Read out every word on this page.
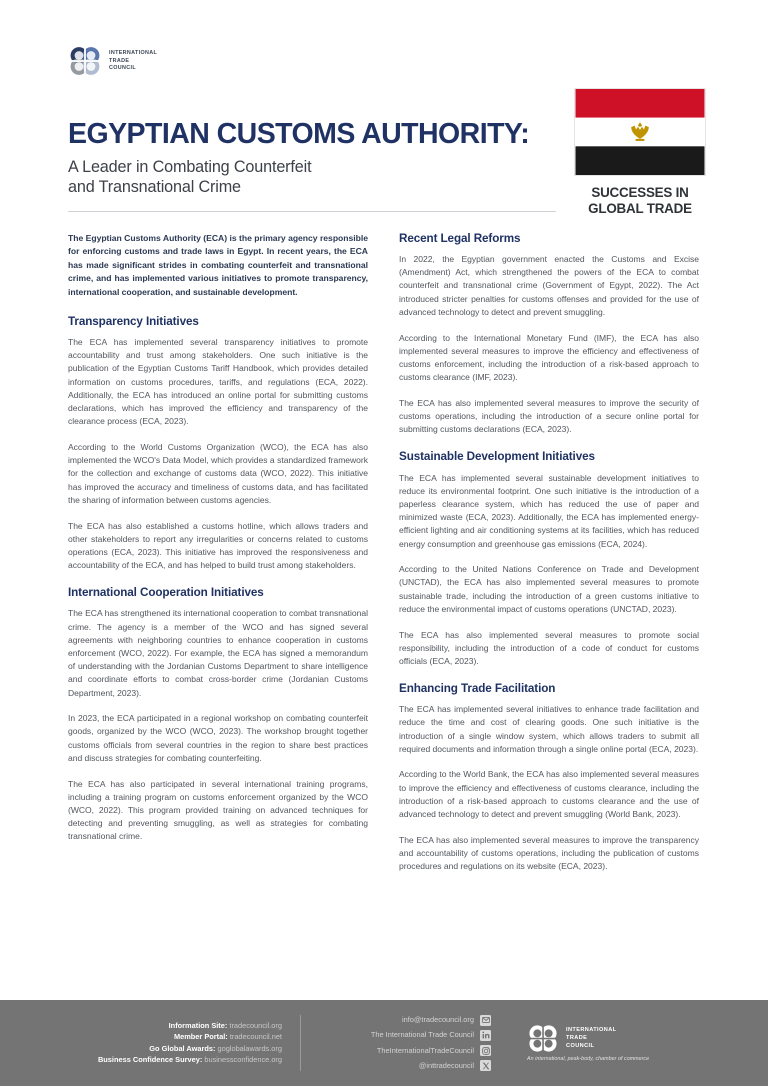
INTERNATIONAL
TRADE
COUNCIL
EGYPTIAN CUSTOMS AUTHORITY:
A Leader in Combating Counterfeit
and Transnational Crime	SUCCESSES IN
GLOBAL TRADE

The Egyptian Customs Authority (ECA) is the primary agency responsible for enforcing customs and trade laws in Egypt. In recent years, the ECA has made significant strides in combating counterfeit and transnational crime, and has implemented various initiatives to promote transparency, international cooperation, and sustainable development.

Transparency Initiatives

The ECA has implemented several transparency initiatives to promote accountability and trust among stakeholders. One such initiative is the publication of the Egyptian Customs Tariff Handbook, which provides detailed information on customs procedures, tariffs, and regulations (ECA, 2022). Additionally, the ECA has introduced an online portal for submitting customs declarations, which has improved the efficiency and transparency of the clearance process (ECA, 2023).

According to the World Customs Organization (WCO), the ECA has also implemented the WCO's Data Model, which provides a standardized framework for the collection and exchange of customs data (WCO, 2022). This initiative has improved the accuracy and timeliness of customs data, and has facilitated the sharing of information between customs agencies.

The ECA has also established a customs hotline, which allows traders and other stakeholders to report any irregularities or concerns related to customs operations (ECA, 2023). This initiative has improved the responsiveness and accountability of the ECA, and has helped to build trust among stakeholders.

International Cooperation Initiatives

The ECA has strengthened its international cooperation to combat transnational crime. The agency is a member of the WCO and has signed several agreements with neighboring countries to enhance cooperation in customs enforcement (WCO, 2022). For example, the ECA has signed a memorandum of understanding with the Jordanian Customs Department to share intelligence and coordinate efforts to combat cross-border crime (Jordanian Customs Department, 2023).

In 2023, the ECA participated in a regional workshop on combating counterfeit goods, organized by the WCO (WCO, 2023). The workshop brought together customs officials from several countries in the region to share best practices and discuss strategies for combating counterfeiting.

The ECA has also participated in several international training programs, including a training program on customs enforcement organized by the WCO (WCO, 2022). This program provided training on advanced techniques for detecting and preventing smuggling, as well as strategies for combating transnational crime.

Recent Legal Reforms

In 2022, the Egyptian government enacted the Customs and Excise (Amendment) Act, which strengthened the powers of the ECA to combat counterfeit and transnational crime (Government of Egypt, 2022). The Act introduced stricter penalties for customs offenses and provided for the use of advanced technology to detect and prevent smuggling.

According to the International Monetary Fund (IMF), the ECA has also implemented several measures to improve the efficiency and effectiveness of customs enforcement, including the introduction of a risk-based approach to customs clearance (IMF, 2023).

The ECA has also implemented several measures to improve the security of customs operations, including the introduction of a secure online portal for submitting customs declarations (ECA, 2023).

Sustainable Development Initiatives

The ECA has implemented several sustainable development initiatives to reduce its environmental footprint. One such initiative is the introduction of a paperless clearance system, which has reduced the use of paper and minimized waste (ECA, 2023). Additionally, the ECA has implemented energy-efficient lighting and air conditioning systems at its facilities, which has reduced energy consumption and greenhouse gas emissions (ECA, 2024).

According to the United Nations Conference on Trade and Development (UNCTAD), the ECA has also implemented several measures to promote sustainable trade, including the introduction of a green customs initiative to reduce the environmental impact of customs operations (UNCTAD, 2023).

The ECA has also implemented several measures to promote social responsibility, including the introduction of a code of conduct for customs officials (ECA, 2023).

Enhancing Trade Facilitation

The ECA has implemented several initiatives to enhance trade facilitation and reduce the time and cost of clearing goods. One such initiative is the introduction of a single window system, which allows traders to submit all required documents and information through a single online portal (ECA, 2023).

According to the World Bank, the ECA has also implemented several measures to improve the efficiency and effectiveness of customs clearance, including the introduction of a risk-based approach to customs clearance and the use of advanced technology to detect and prevent smuggling (World Bank, 2023).

The ECA has also implemented several measures to improve the transparency and accountability of customs operations, including the publication of customs procedures and regulations on its website (ECA, 2023).

Information Site: tradecouncil.org
Member Portal: tradecouncil.net
Go Global Awards: goglobalawards.org
Business Confidence Survey: businessconfidence.org
info@tradecouncil.org
The International Trade Council
TheInternationalTradeCouncil
@inttradecouncil
INTERNATIONAL
TRADE
COUNCIL
An international, peak-body, chamber of commerce
